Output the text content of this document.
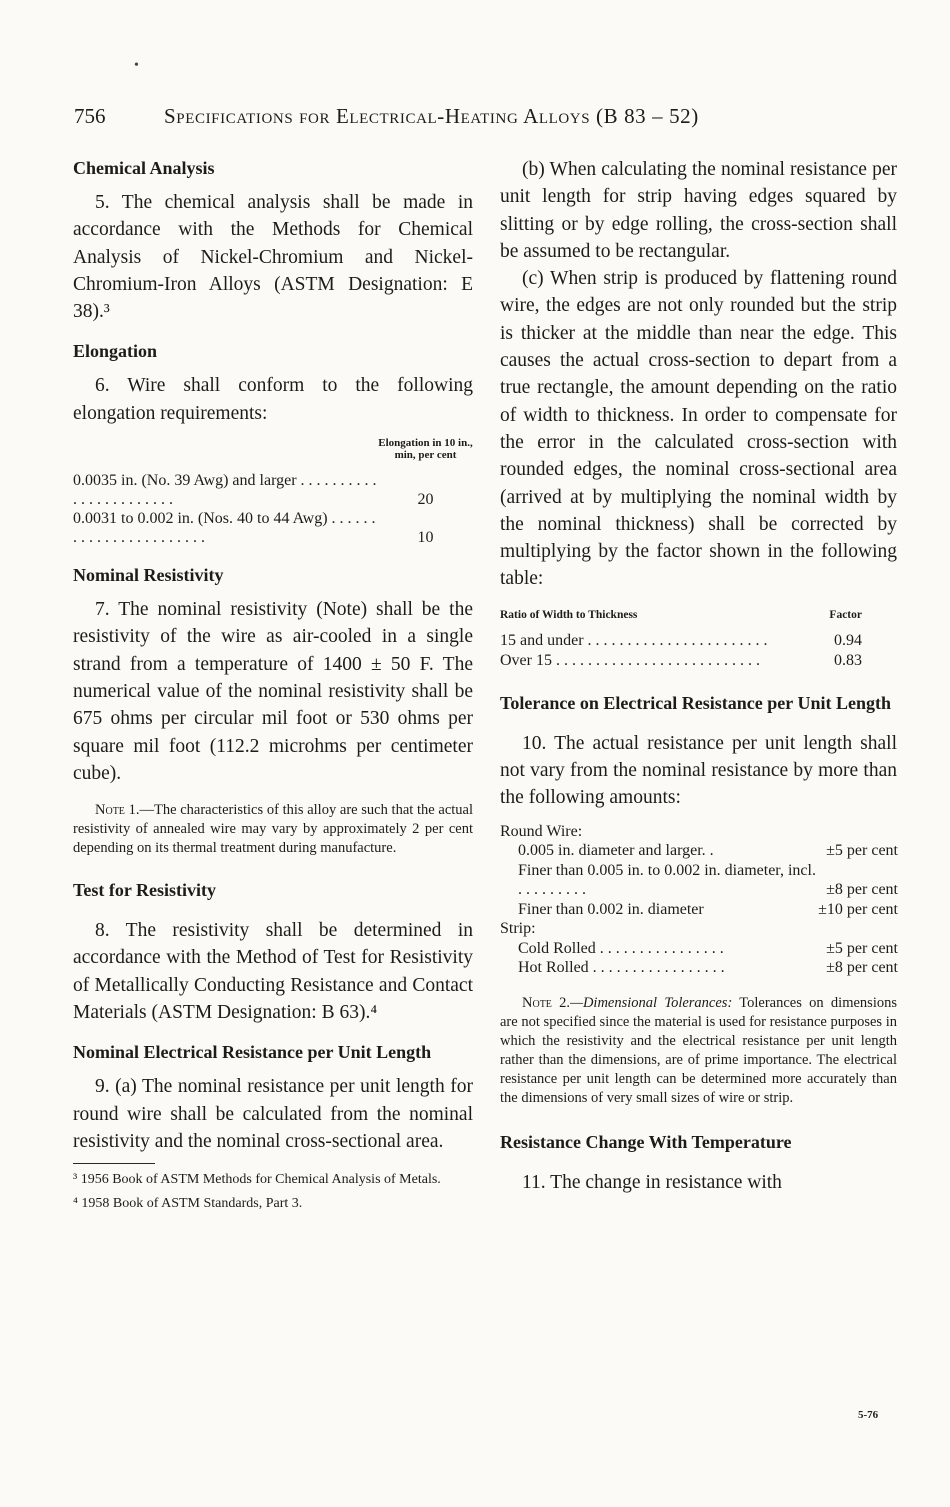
•
756	Specifications for Electrical-Heating Alloys (B 83 – 52)
Chemical Analysis

5. The chemical analysis shall be made in accordance with the Methods for Chemical Analysis of Nickel-Chromium and Nickel-Chromium-Iron Alloys (ASTM Designation: E 38).³

Elongation

6. Wire shall conform to the following elongation requirements:

	Elongation in 10 in., min, per cent
0.0035 in. (No. 39 Awg) and larger . . . . . . . . . . . . . . . . . . . . . . .	20
0.0031 to 0.002 in. (Nos. 40 to 44 Awg) . . . . . . . . . . . . . . . . . . . . . . .	10
Nominal Resistivity

7. The nominal resistivity (Note) shall be the resistivity of the wire as air-cooled in a single strand from a temperature of 1400 ± 50 F. The numerical value of the nominal resistivity shall be 675 ohms per circular mil foot or 530 ohms per square mil foot (112.2 microhms per centimeter cube).

Note 1.—The characteristics of this alloy are such that the actual resistivity of annealed wire may vary by approximately 2 per cent depending on its thermal treatment during manufacture.

Test for Resistivity

8. The resistivity shall be determined in accordance with the Method of Test for Resistivity of Metallically Conducting Resistance and Contact Materials (ASTM Designation: B 63).⁴

Nominal Electrical Resistance per Unit Length

9. (a) The nominal resistance per unit length for round wire shall be calculated from the nominal resistivity and the nominal cross-sectional area.

³ 1956 Book of ASTM Methods for Chemical Analysis of Metals.
⁴ 1958 Book of ASTM Standards, Part 3.

(b) When calculating the nominal resistance per unit length for strip having edges squared by slitting or by edge rolling, the cross-section shall be assumed to be rectangular.

(c) When strip is produced by flattening round wire, the edges are not only rounded but the strip is thicker at the middle than near the edge. This causes the actual cross-section to depart from a true rectangle, the amount depending on the ratio of width to thickness. In order to compensate for the error in the calculated cross-section with rounded edges, the nominal cross-sectional area (arrived at by multiplying the nominal width by the nominal thickness) shall be corrected by multiplying by the factor shown in the following table:

Ratio of Width to Thickness	Factor
15 and under . . . . . . . . . . . . . . . . . . . . . . .	0.94
Over 15 . . . . . . . . . . . . . . . . . . . . . . . . . .	0.83
Tolerance on Electrical Resistance per Unit Length

10. The actual resistance per unit length shall not vary from the nominal resistance by more than the following amounts:

Round Wire:	
0.005 in. diameter and larger. .	±5 per cent
Finer than 0.005 in. to 0.002 in. diameter, incl. . . . . . . . . .	±8 per cent
Finer than 0.002 in. diameter	±10 per cent
Strip:	
Cold Rolled . . . . . . . . . . . . . . . .	±5 per cent
Hot Rolled . . . . . . . . . . . . . . . . .	±8 per cent

Note 2.—Dimensional Tolerances: Tolerances on dimensions are not specified since the material is used for resistance purposes in which the resistivity and the electrical resistance per unit length rather than the dimensions, are of prime importance. The electrical resistance per unit length can be determined more accurately than the dimensions of very small sizes of wire or strip.

Resistance Change With Temperature

11. The change in resistance with

5-76
